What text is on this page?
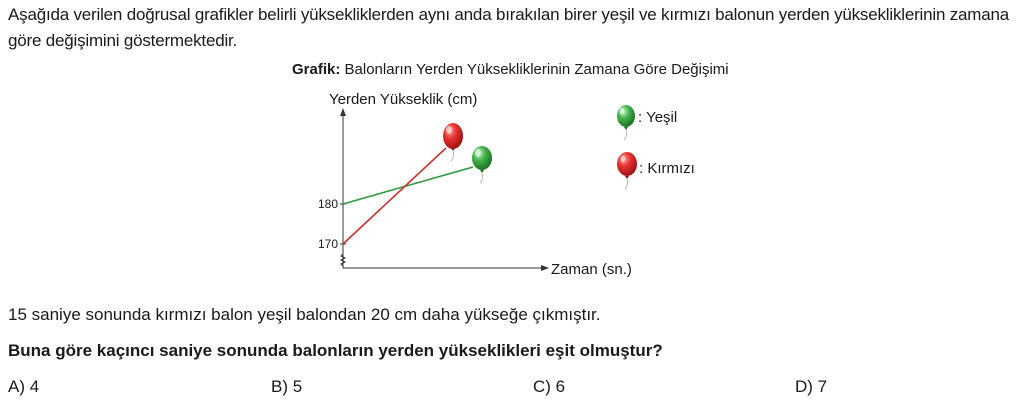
Aşağıda verilen doğrusal grafikler belirli yüksekliklerden aynı anda bırakılan birer yeşil ve kırmızı balonun yerden yüksekliklerinin zamana göre değişimini göstermektedir.
Grafik: Balonların Yerden Yüksekliklerinin Zamana Göre Değişimi
Yerden Yükseklik (cm)
Zaman (sn.)
180
170
: Yeşil
: Kırmızı
15 saniye sonunda kırmızı balon yeşil balondan 20 cm daha yükseğe çıkmıştır.
Buna göre kaçıncı saniye sonunda balonların yerden yükseklikleri eşit olmuştur?
A) 4	B) 5	C) 6	D) 7
